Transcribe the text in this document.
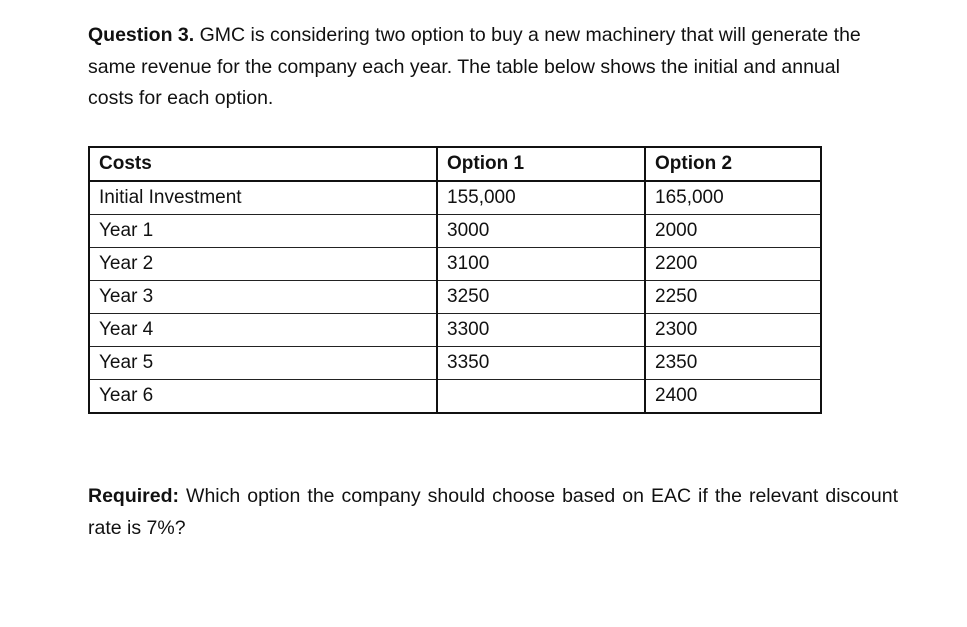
Question 3. GMC is considering two option to buy a new machinery that will generate the same revenue for the company each year. The table below shows the initial and annual costs for each option.
Costs	Option 1	Option 2
Initial Investment	155,000	165,000
Year 1	3000	2000
Year 2	3100	2200
Year 3	3250	2250
Year 4	3300	2300
Year 5	3350	2350
Year 6		2400
Required: Which option the company should choose based on EAC if the relevant discount rate is 7%?
